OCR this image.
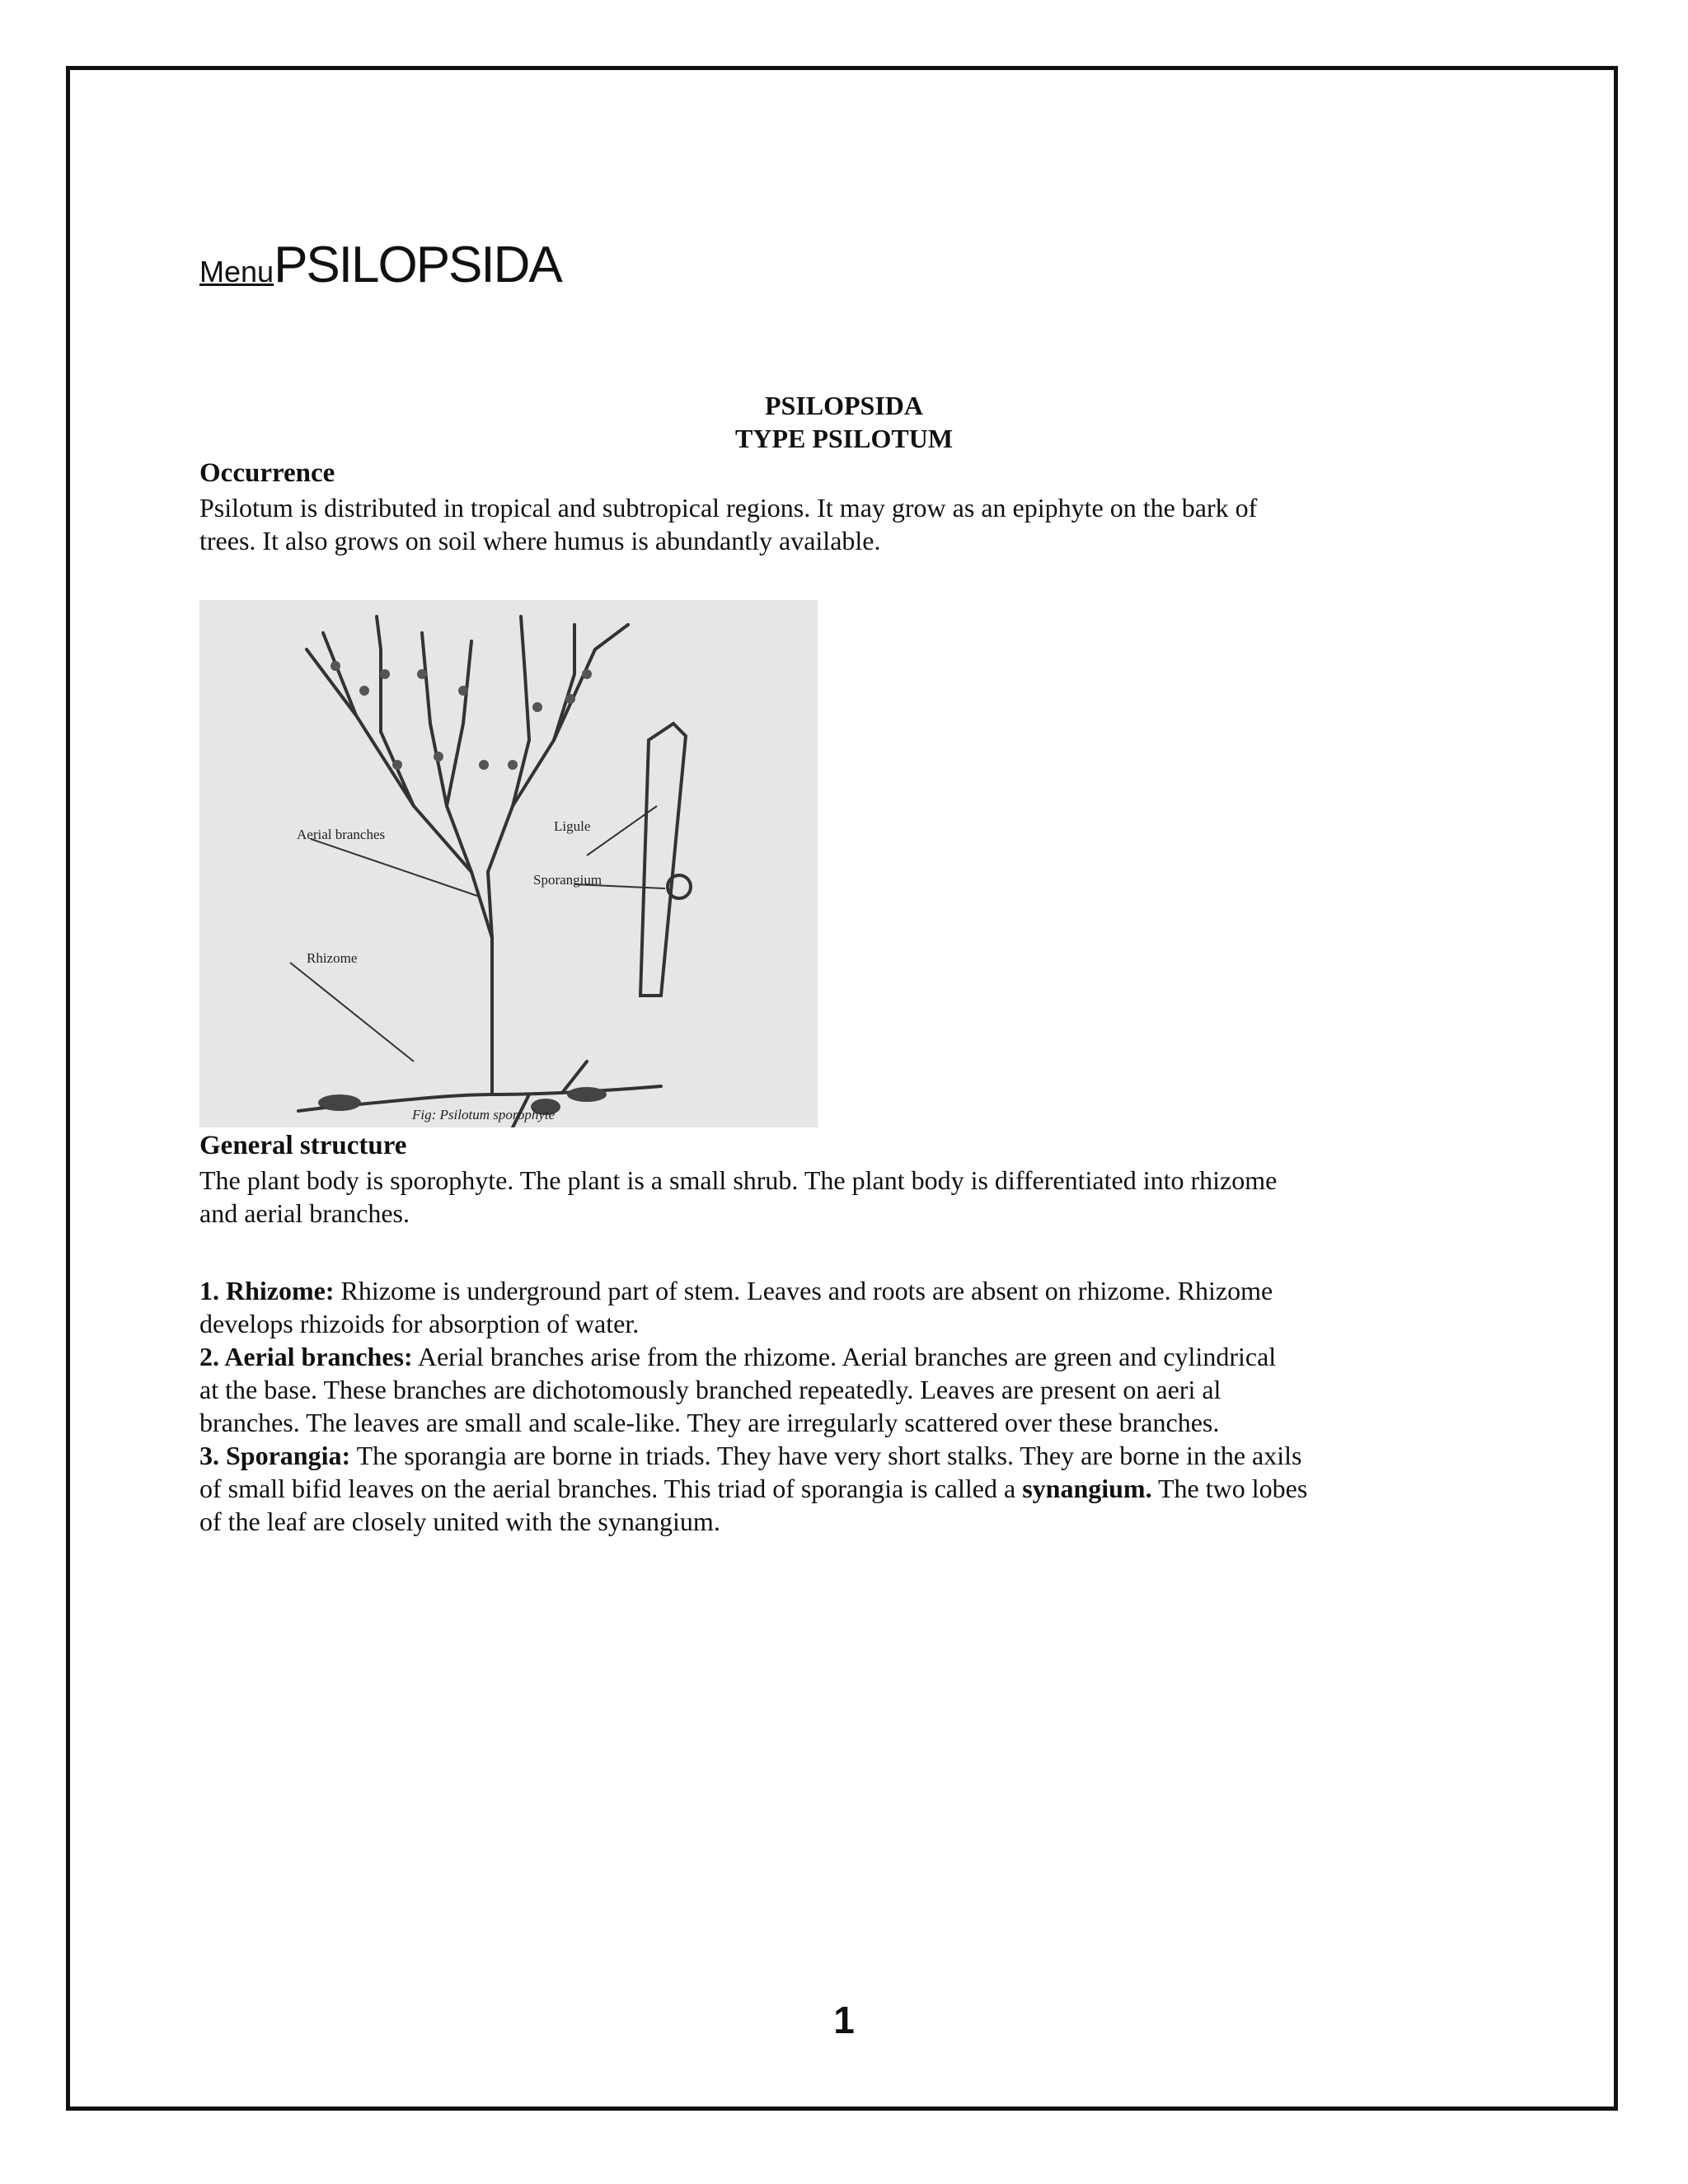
MenuPSILOPSIDA
PSILOPSIDA
TYPE PSILOTUM
Occurrence
Psilotum is distributed in tropical and subtropical regions. It may grow as an epiphyte on the bark of
trees. It also grows on soil where humus is abundantly available.
Aerial branches
Ligule
Sporangium
Rhizome
Fig: Psilotum sporophyte
General structure
The plant body is sporophyte. The plant is a small shrub. The plant body is differentiated into rhizome
and aerial branches.
1. Rhizome: Rhizome is underground part of stem. Leaves and roots are absent on rhizome. Rhizome
develops rhizoids for absorption of water.
2. Aerial branches: Aerial branches arise from the rhizome. Aerial branches are green and cylindrical
at the base. These branches are dichotomously branched repeatedly. Leaves are present on aeri al
branches. The leaves are small and scale-like. They are irregularly scattered over these branches.
3. Sporangia: The sporangia are borne in triads. They have very short stalks. They are borne in the axils
of small bifid leaves on the aerial branches. This triad of sporangia is called a synangium. The two lobes
of the leaf are closely united with the synangium.
1
